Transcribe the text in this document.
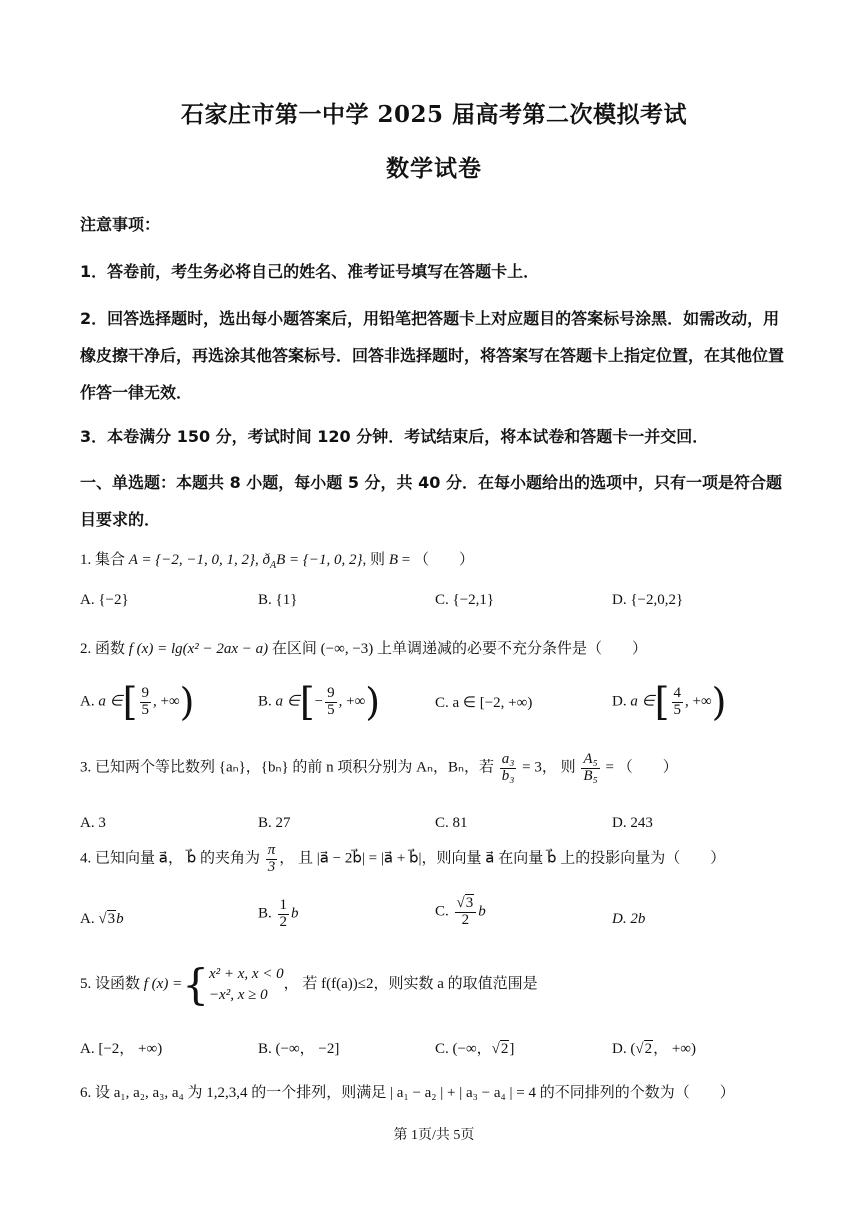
石家庄市第一中学 2025 届高考第二次模拟考试
数学试卷
注意事项：
1．答卷前，考生务必将自己的姓名、准考证号填写在答题卡上．
2．回答选择题时，选出每小题答案后，用铅笔把答题卡上对应题目的答案标号涂黑．如需改动，用橡皮擦干净后，再选涂其他答案标号．回答非选择题时，将答案写在答题卡上指定位置，在其他位置作答一律无效．
3．本卷满分 150 分，考试时间 120 分钟．考试结束后，将本试卷和答题卡一并交回．
一、单选题：本题共 8 小题，每小题 5 分，共 40 分．在每小题给出的选项中，只有一项是符合题目要求的．
1. 集合 A = {−2, −1, 0, 1, 2}, $ð_AB = \{-1$, 0, 2}, 则 B = （　　）
A. {−2}	B. {1}	C. {−2,1}	D. {−2,0,2}
2. 函数 f (x) = lg(x² − 2ax − a) 在区间 (−∞, −3) 上单调递减的必要不充分条件是（　　）
A. a ∈[ $\frac{9}{5}$ , +∞)	B. a ∈[− $\frac{9}{5}$ , +∞)	C. a ∈ [−2, +∞)	D. a ∈[ $\frac{4}{5}$ , +∞)
3. 已知两个等比数列 {aₙ}，{bₙ} 的前 n 项积分别为 Aₙ，Bₙ，若 $\frac{\text{a₃}}{\text{b₃}} = 3$， 则 $\frac{\text{A₅}}{\text{B₅}}$ = （　　）
A. 3	B. 27	C. 81	D. 243
4. 已知向量 a⃗， b⃗ 的夹角为 $\frac{\pi}{3}$ ， 且 |a⃗ − 2b⃗| = |a⃗ + b⃗|，则向量 a⃗ 在向量 b⃗ 上的投影向量为（　　）
A. √3b⃗	B. $\frac{1}{2}$ b⃗	C. $\frac{√3}{2}$ b⃗	D. 2b⃗
5. 设函数 f (x) ={ x² + x, x < 0
−x², x ≥ 0
， 若 f(f(a))≤2，则实数 a 的取值范围是
A. [−2， +∞)	B. (−∞， −2]	C. (−∞，√2]	D. (√2， +∞)
6. 设 a₁, a₂, a₃, a₄ 为 1,2,3,4 的一个排列，则满足 | a₁ − a₂ | + | a₃ − a₄ | = 4 的不同排列的个数为（　　）
第 1页/共 5页
